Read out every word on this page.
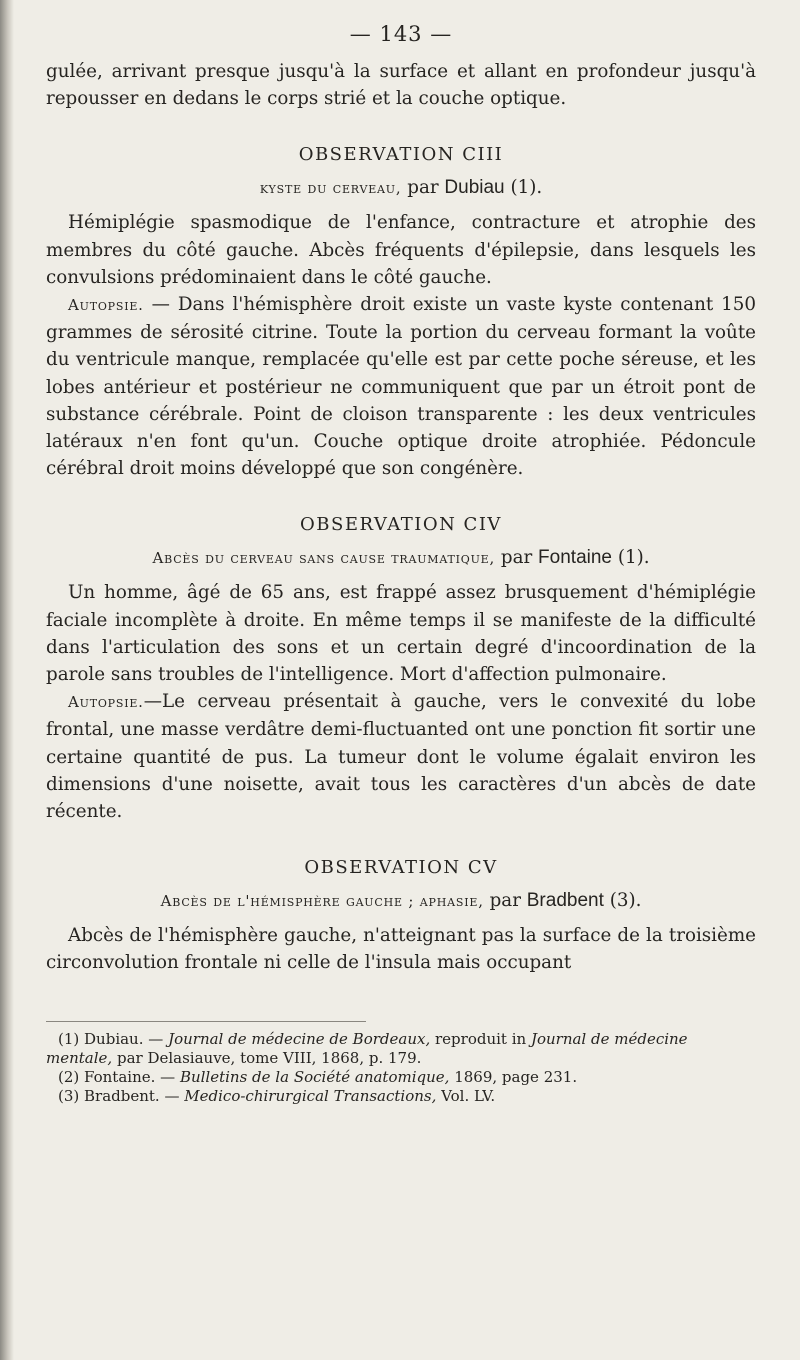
— 143 —

gulée, arrivant presque jusqu'à la surface et allant en profondeur jusqu'à repousser en dedans le corps strié et la couche optique.

OBSERVATION CIII
kyste du cerveau, par Dubiau (1).

Hémiplégie spasmodique de l'enfance, contracture et atrophie des membres du côté gauche. Abcès fréquents d'épilepsie, dans lesquels les convulsions prédominaient dans le côté gauche.

Autopsie. — Dans l'hémisphère droit existe un vaste kyste contenant 150 grammes de sérosité citrine. Toute la portion du cerveau formant la voûte du ventricule manque, remplacée qu'elle est par cette poche séreuse, et les lobes antérieur et postérieur ne communiquent que par un étroit pont de substance cérébrale. Point de cloison transparente : les deux ventricules latéraux n'en font qu'un. Couche optique droite atrophiée. Pédoncule cérébral droit moins développé que son congénère.

OBSERVATION CIV
Abcès du cerveau sans cause traumatique, par Fontaine (1).

Un homme, âgé de 65 ans, est frappé assez brusquement d'hémiplégie faciale incomplète à droite. En même temps il se manifeste de la difficulté dans l'articulation des sons et un certain degré d'incoordination de la parole sans troubles de l'intelligence. Mort d'affection pulmonaire.

Autopsie.—Le cerveau présentait à gauche, vers le convexité du lobe frontal, une masse verdâtre demi-fluctuanted ont une ponction fit sortir une certaine quantité de pus. La tumeur dont le volume égalait environ les dimensions d'une noisette, avait tous les caractères d'un abcès de date récente.

OBSERVATION CV
Abcès de l'hémisphère gauche ; aphasie, par Bradbent (3).

Abcès de l'hémisphère gauche, n'atteignant pas la surface de la troisième circonvolution frontale ni celle de l'insula mais occupant

(1) Dubiau. — Journal de médecine de Bordeaux, reproduit in Journal de médecine mentale, par Delasiauve, tome VIII, 1868, p. 179.
(2) Fontaine. — Bulletins de la Société anatomique, 1869, page 231.
(3) Bradbent. — Medico-chirurgical Transactions, Vol. LV.
